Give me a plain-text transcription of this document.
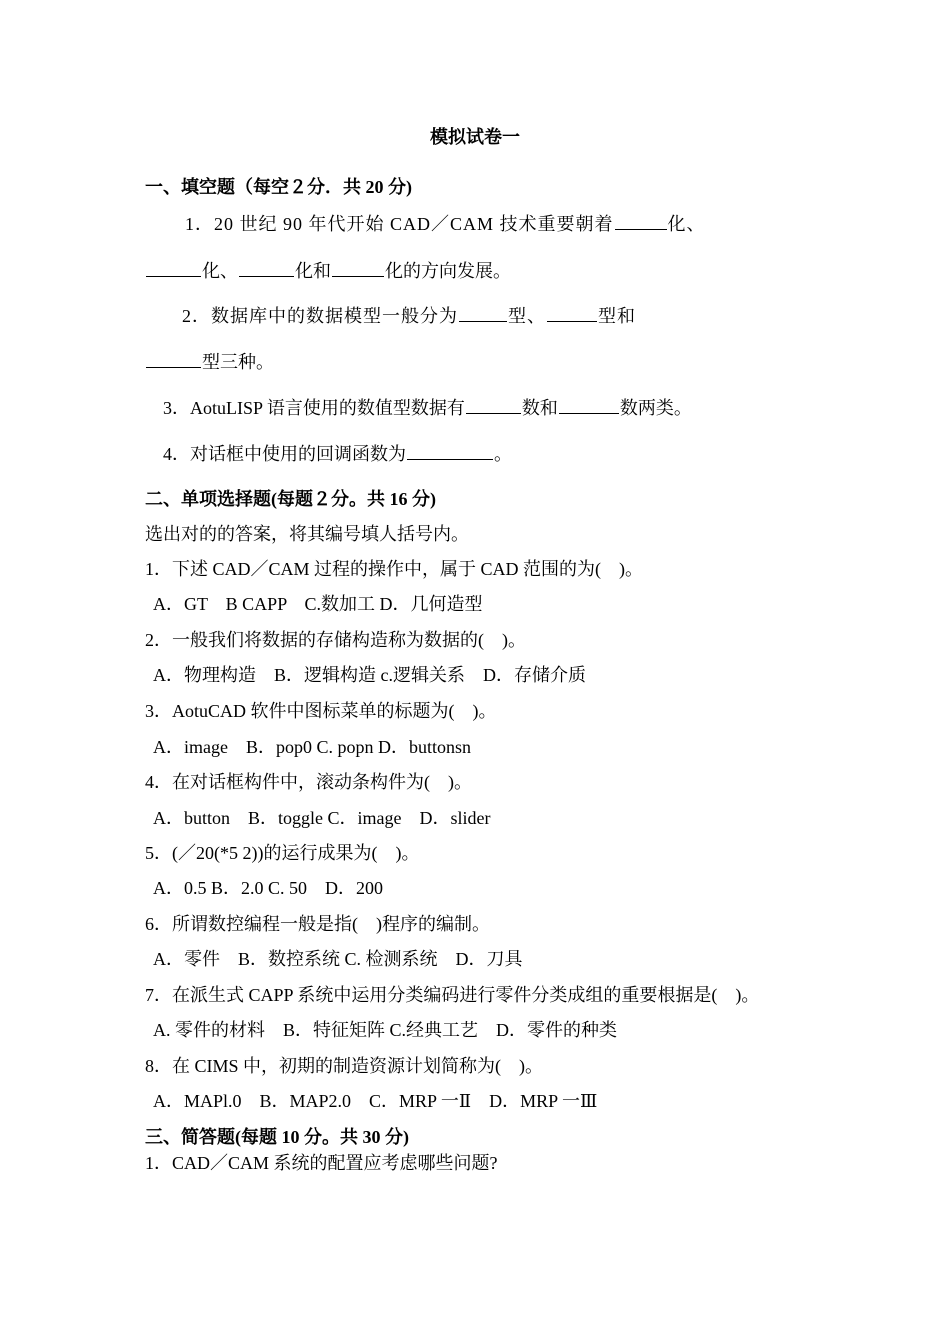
模拟试卷一
一、填空题（每空２分．共 20 分)
1．20 世纪 90 年代开始 CAD／CAM 技术重要朝着	化、
化、	化和	化的方向发展。
2．数据库中的数据模型一般分为	型、	型和
型三种。
3．AotuLISP 语言使用的数值型数据有	数和	数两类。
4．对话框中使用的回调函数为	。
二、单项选择题(每题２分。共 16 分)
选出对的的答案，将其编号填人括号内。
1．下述 CAD／CAM 过程的操作中，属于 CAD 范围的为(　)。
A．GT　B CAPP　C.数加工 D．几何造型
2．一般我们将数据的存储构造称为数据的(　)。
A．物理构造　B．逻辑构造 c.逻辑关系　D．存储介质
3．AotuCAD 软件中图标菜单的标题为(　)。
A．image　B．pop0 C. popn D．buttonsn
4．在对话框构件中，滚动条构件为(　)。
A．button　B．toggle C．image　D．slider
5．(／20(*5 2))的运行成果为(　)。
A．0.5 B．2.0 C. 50　D．200
6．所谓数控编程一般是指(　)程序的编制。
A．零件　B．数控系统 C. 检测系统　D．刀具
7．在派生式 CAPP 系统中运用分类编码进行零件分类成组的重要根据是(　)。
A. 零件的材料　B．特征矩阵 C.经典工艺　D．零件的种类
8．在 CIMS 中，初期的制造资源计划简称为(　)。
A．MAPl.0　B．MAP2.0　C．MRP 一Ⅱ　D．MRP 一Ⅲ
三、简答题(每题 10 分。共 30 分)
1．CAD／CAM 系统的配置应考虑哪些问题?
